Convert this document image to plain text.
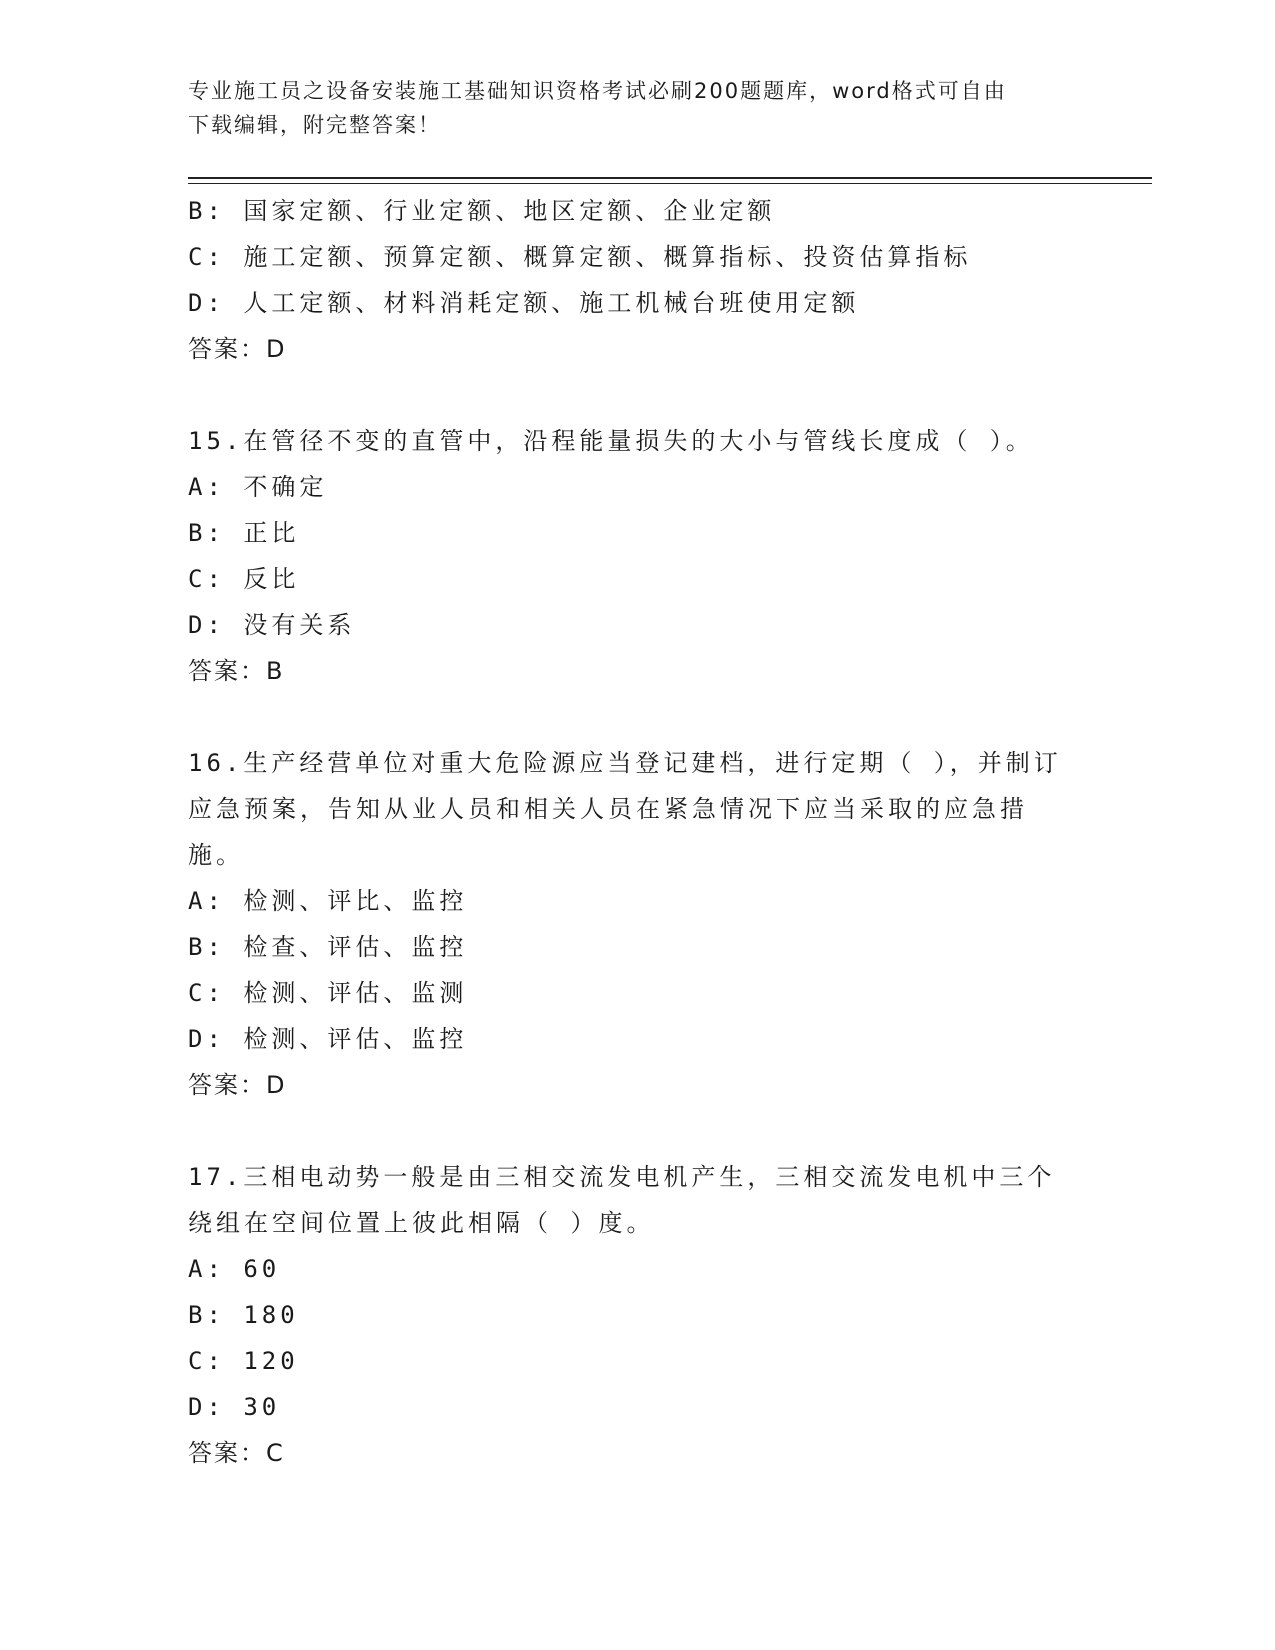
专业施工员之设备安装施工基础知识资格考试必刷200题题库，word格式可自由
下载编辑，附完整答案！
B: 国家定额、行业定额、地区定额、企业定额
C: 施工定额、预算定额、概算定额、概算指标、投资估算指标
D: 人工定额、材料消耗定额、施工机械台班使用定额
答案：D
15.在管径不变的直管中，沿程能量损失的大小与管线长度成（ ）。
A: 不确定
B: 正比
C: 反比
D: 没有关系
答案：B
16.生产经营单位对重大危险源应当登记建档，进行定期（ ），并制订应急预案，告知从业人员和相关人员在紧急情况下应当采取的应急措施。
A: 检测、评比、监控
B: 检查、评估、监控
C: 检测、评估、监测
D: 检测、评估、监控
答案：D
17.三相电动势一般是由三相交流发电机产生，三相交流发电机中三个绕组在空间位置上彼此相隔（ ）度。
A: 60
B: 180
C: 120
D: 30
答案：C
